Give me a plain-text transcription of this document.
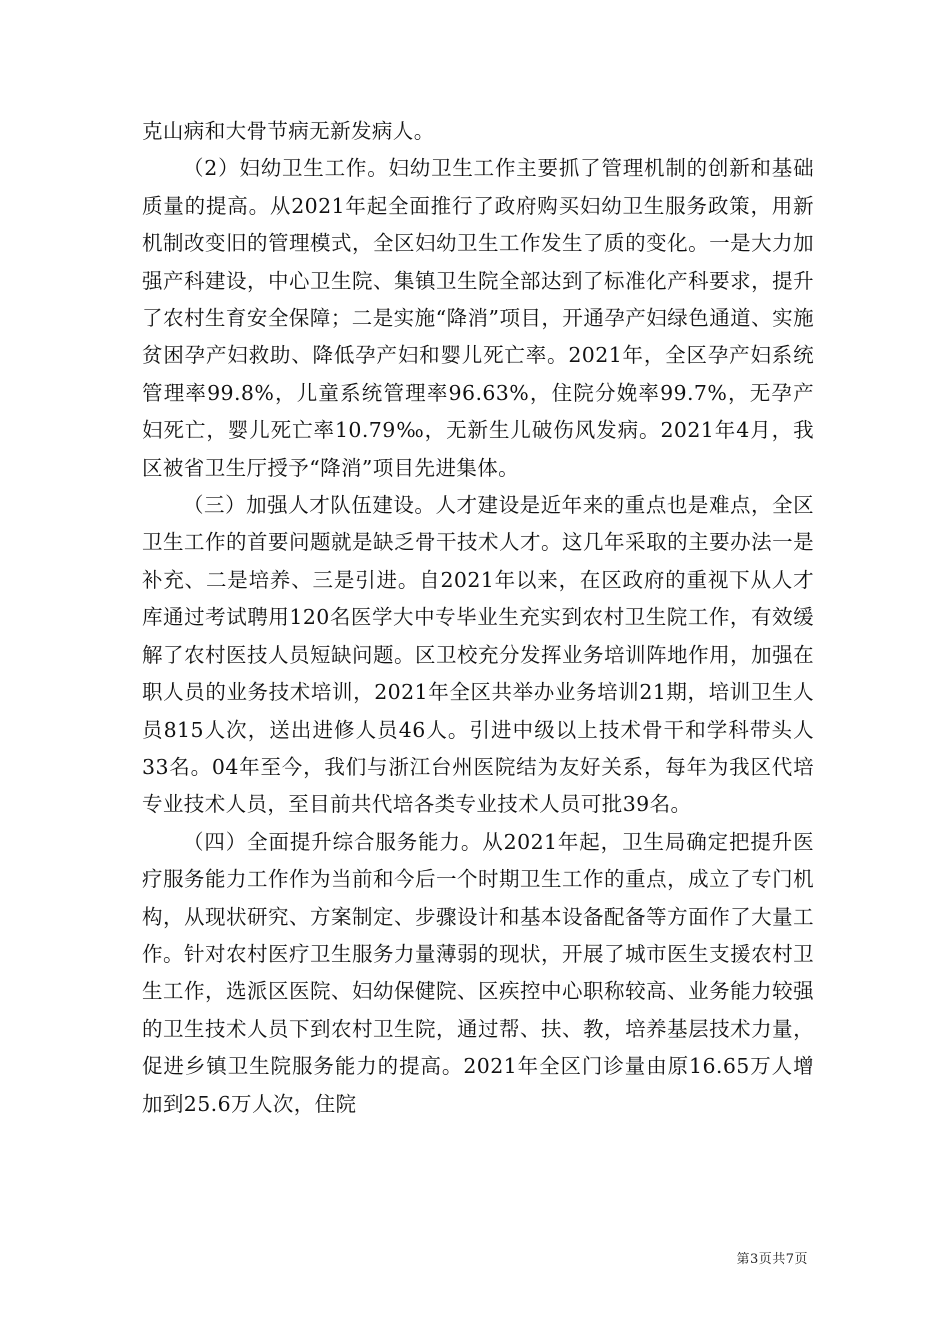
克山病和大骨节病无新发病人。

（2）妇幼卫生工作。妇幼卫生工作主要抓了管理机制的创新和基础质量的提高。从2021年起全面推行了政府购买妇幼卫生服务政策，用新机制改变旧的管理模式，全区妇幼卫生工作发生了质的变化。一是大力加强产科建设，中心卫生院、集镇卫生院全部达到了标准化产科要求，提升了农村生育安全保障；二是实施“降消”项目，开通孕产妇绿色通道、实施贫困孕产妇救助、降低孕产妇和婴儿死亡率。2021年，全区孕产妇系统管理率99.8%，儿童系统管理率96.63%，住院分娩率99.7%，无孕产妇死亡，婴儿死亡率10.79‰，无新生儿破伤风发病。2021年4月，我区被省卫生厅授予“降消”项目先进集体。

（三）加强人才队伍建设。人才建设是近年来的重点也是难点，全区卫生工作的首要问题就是缺乏骨干技术人才。这几年采取的主要办法一是补充、二是培养、三是引进。自2021年以来，在区政府的重视下从人才库通过考试聘用120名医学大中专毕业生充实到农村卫生院工作，有效缓解了农村医技人员短缺问题。区卫校充分发挥业务培训阵地作用，加强在职人员的业务技术培训，2021年全区共举办业务培训21期，培训卫生人员815人次，送出进修人员46人。引进中级以上技术骨干和学科带头人33名。04年至今，我们与浙江台州医院结为友好关系，每年为我区代培专业技术人员，至目前共代培各类专业技术人员可批39名。

（四）全面提升综合服务能力。从2021年起，卫生局确定把提升医疗服务能力工作作为当前和今后一个时期卫生工作的重点，成立了专门机构，从现状研究、方案制定、步骤设计和基本设备配备等方面作了大量工作。针对农村医疗卫生服务力量薄弱的现状，开展了城市医生支援农村卫生工作，选派区医院、妇幼保健院、区疾控中心职称较高、业务能力较强的卫生技术人员下到农村卫生院，通过帮、扶、教，培养基层技术力量，促进乡镇卫生院服务能力的提高。2021年全区门诊量由原16.65万人增加到25.6万人次，住院

第3页共7页
